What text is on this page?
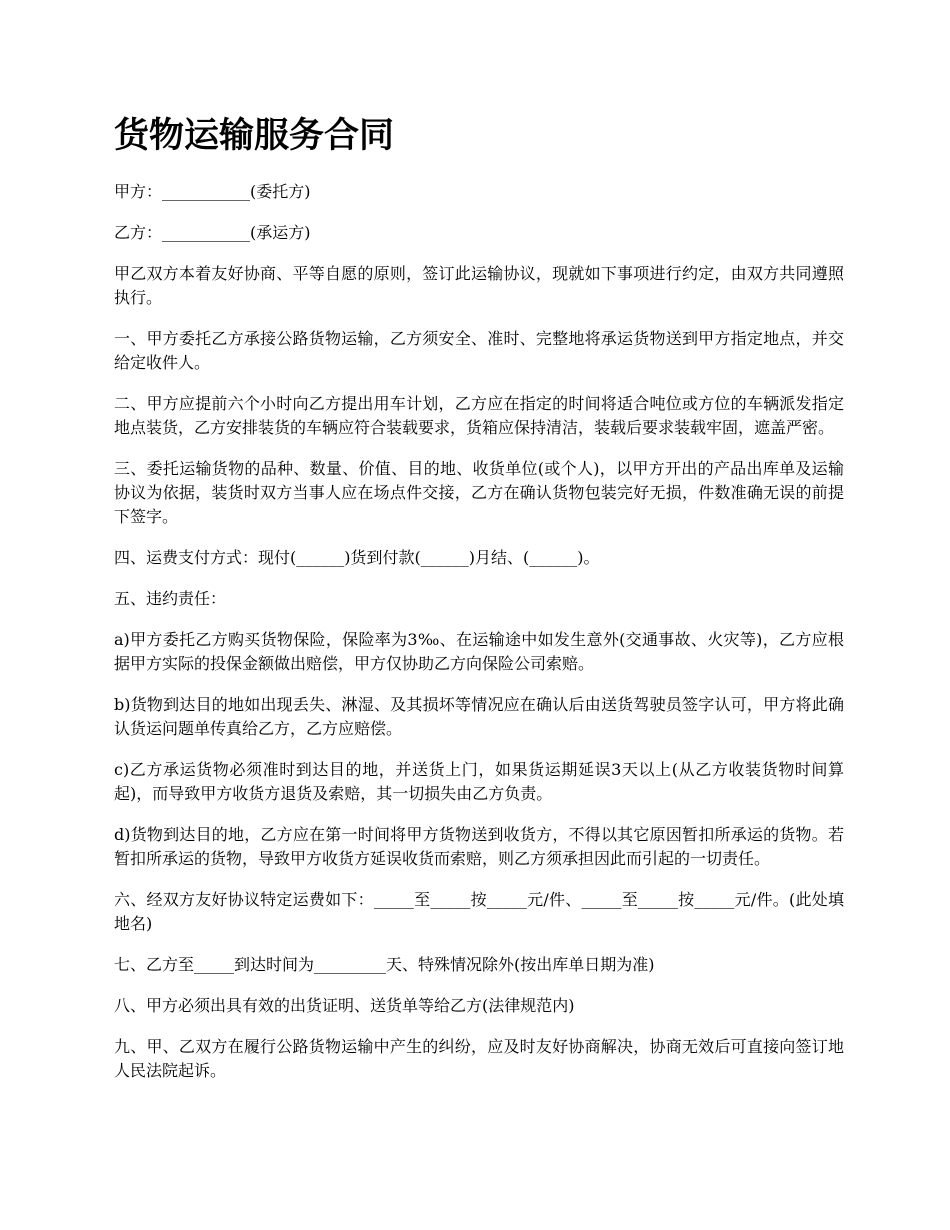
货物运输服务合同

甲方：___________(委托方)

乙方：___________(承运方)

甲乙双方本着友好协商、平等自愿的原则，签订此运输协议，现就如下事项进行约定，由双方共同遵照执行。

一、甲方委托乙方承接公路货物运输，乙方须安全、准时、完整地将承运货物送到甲方指定地点，并交给定收件人。

二、甲方应提前六个小时向乙方提出用车计划，乙方应在指定的时间将适合吨位或方位的车辆派发指定地点装货，乙方安排装货的车辆应符合装载要求，货箱应保持清洁，装载后要求装载牢固，遮盖严密。

三、委托运输货物的品种、数量、价值、目的地、收货单位(或个人)，以甲方开出的产品出库单及运输协议为依据，装货时双方当事人应在场点件交接，乙方在确认货物包装完好无损，件数准确无误的前提下签字。

四、运费支付方式：现付(______)货到付款(______)月结、(______)。

五、违约责任：

a)甲方委托乙方购买货物保险，保险率为3‰、在运输途中如发生意外(交通事故、火灾等)，乙方应根据甲方实际的投保金额做出赔偿，甲方仅协助乙方向保险公司索赔。

b)货物到达目的地如出现丢失、淋湿、及其损坏等情况应在确认后由送货驾驶员签字认可，甲方将此确认货运问题单传真给乙方，乙方应赔偿。

c)乙方承运货物必须准时到达目的地，并送货上门，如果货运期延误3天以上(从乙方收装货物时间算起)，而导致甲方收货方退货及索赔，其一切损失由乙方负责。

d)货物到达目的地，乙方应在第一时间将甲方货物送到收货方，不得以其它原因暂扣所承运的货物。若暂扣所承运的货物，导致甲方收货方延误收货而索赔，则乙方须承担因此而引起的一切责任。

六、经双方友好协议特定运费如下：_____至_____按_____元/件、_____至_____按_____元/件。(此处填地名)

七、乙方至_____到达时间为_________天、特殊情况除外(按出库单日期为准)

八、甲方必须出具有效的出货证明、送货单等给乙方(法律规范内)

九、甲、乙双方在履行公路货物运输中产生的纠纷，应及时友好协商解决，协商无效后可直接向签订地人民法院起诉。
